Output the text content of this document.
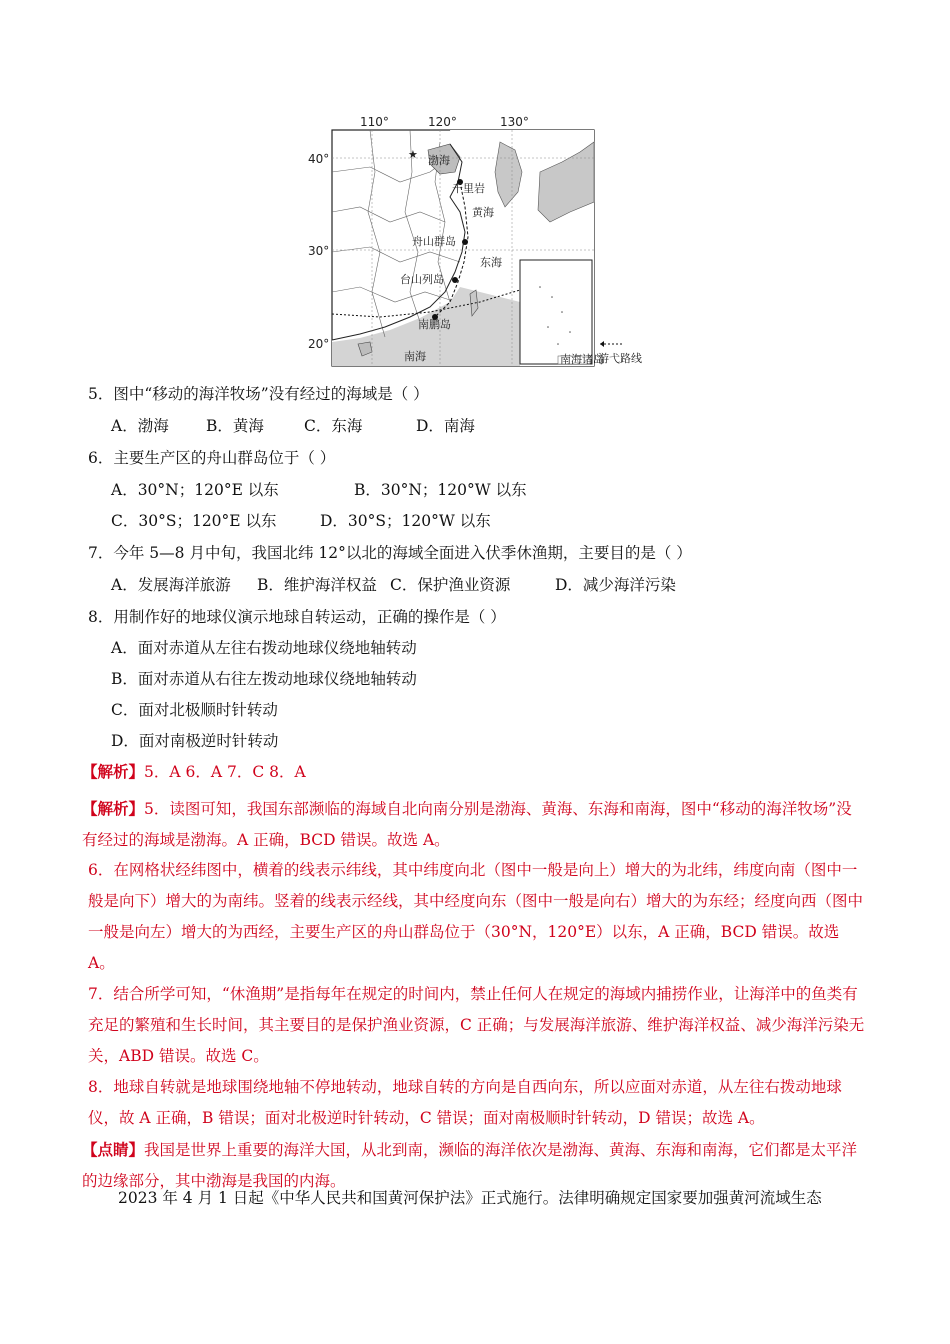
★
南海诸岛
110°	120°	130°
40°
30°
20°
渤海
千里岩
黄海
舟山群岛
东海
台山列岛
南鹏岛
南海	游弋路线
5．图中“移动的海洋牧场”没有经过的海域是（ ）
A．渤海 B．黄海	C．东海	D．南海
6．主要生产区的舟山群岛位于（ ）
A．30°N；120°E 以东	B．30°N；120°W 以东
C．30°S；120°E 以东	D．30°S；120°W 以东
7．今年 5—8 月中旬，我国北纬 12°以北的海域全面进入伏季休渔期，主要目的是（ ）
A．发展海洋旅游 B．维护海洋权益 C．保护渔业资源	D．减少海洋污染
8．用制作好的地球仪演示地球自转运动，正确的操作是（ ）
A．面对赤道从左往右拨动地球仪绕地轴转动
B．面对赤道从右往左拨动地球仪绕地轴转动
C．面对北极顺时针转动
D．面对南极逆时针转动
【解析】5．A 6．A 7．C 8．A
【解析】5．读图可知，我国东部濒临的海域自北向南分别是渤海、黄海、东海和南海，图中“移动的海洋牧场”没有经过的海域是渤海。A 正确，BCD 错误。故选 A。
6．在网格状经纬图中，横着的线表示纬线，其中纬度向北（图中一般是向上）增大的为北纬，纬度向南（图中一般是向下）增大的为南纬。竖着的线表示经线，其中经度向东（图中一般是向右）增大的为东经；经度向西（图中一般是向左）增大的为西经，主要生产区的舟山群岛位于（30°N，120°E）以东，A 正确，BCD 错误。故选 A。
7．结合所学可知，“休渔期”是指每年在规定的时间内，禁止任何人在规定的海域内捕捞作业，让海洋中的鱼类有充足的繁殖和生长时间，其主要目的是保护渔业资源，C 正确；与发展海洋旅游、维护海洋权益、减少海洋污染无关，ABD 错误。故选 C。
8．地球自转就是地球围绕地轴不停地转动，地球自转的方向是自西向东，所以应面对赤道，从左往右拨动地球仪，故 A 正确，B 错误；面对北极逆时针转动，C 错误；面对南极顺时针转动，D 错误；故选 A。
【点睛】我国是世界上重要的海洋大国，从北到南，濒临的海洋依次是渤海、黄海、东海和南海，它们都是太平洋的边缘部分，其中渤海是我国的内海。
2023 年 4 月 1 日起《中华人民共和国黄河保护法》正式施行。法律明确规定国家要加强黄河流域生态
